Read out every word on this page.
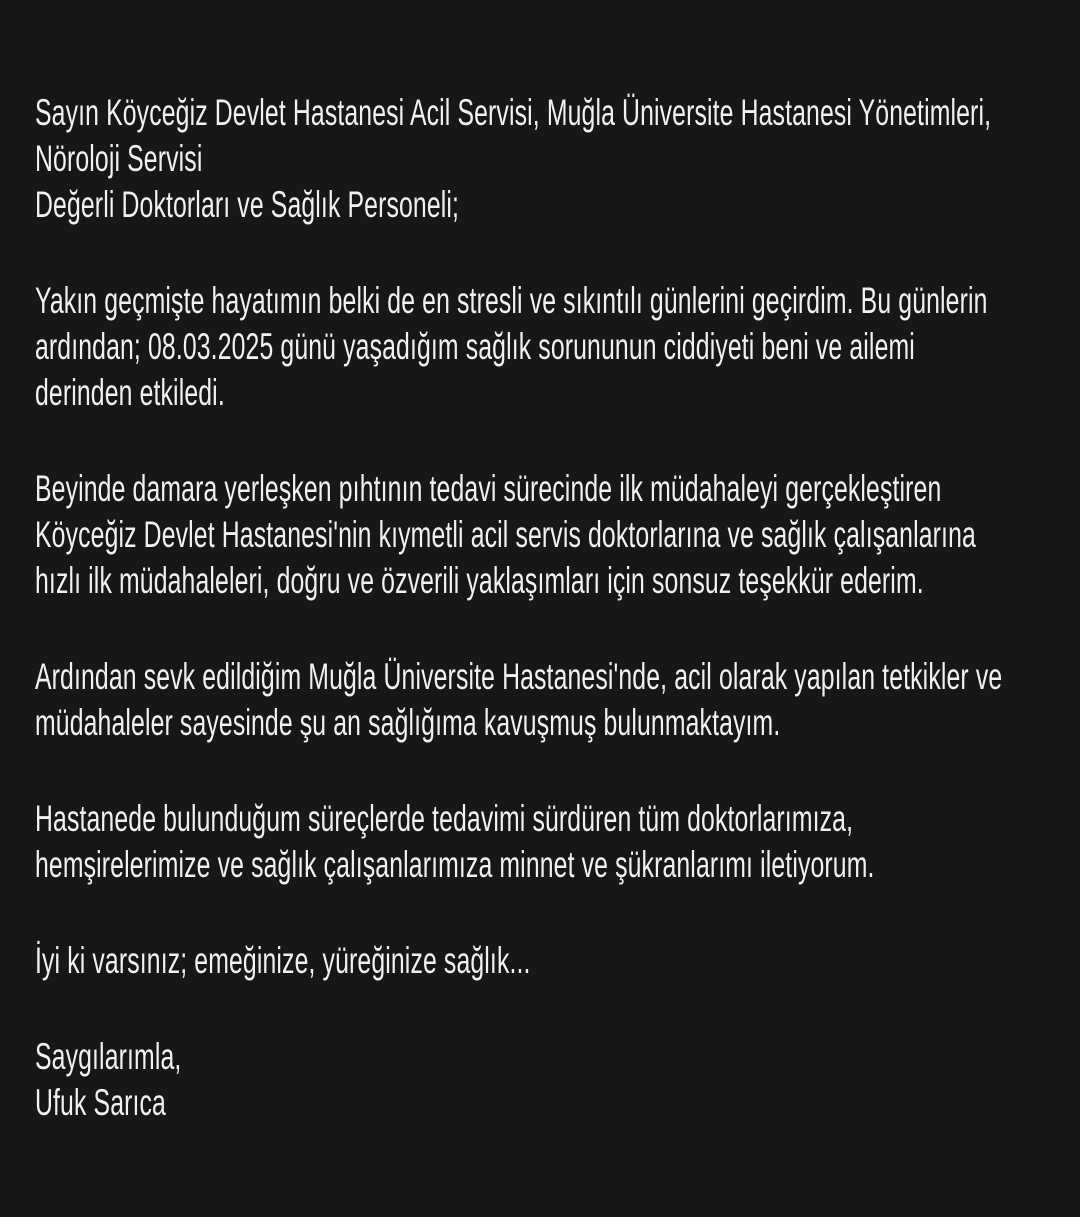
Sayın Köyceğiz Devlet Hastanesi Acil Servisi, Muğla Üniversite Hastanesi Yönetimleri,
Nöroloji Servisi
Değerli Doktorları ve Sağlık Personeli;
Yakın geçmişte hayatımın belki de en stresli ve sıkıntılı günlerini geçirdim. Bu günlerin
ardından; 08.03.2025 günü yaşadığım sağlık sorununun ciddiyeti beni ve ailemi
derinden etkiledi.
Beyinde damara yerleşken pıhtının tedavi sürecinde ilk müdahaleyi gerçekleştiren
Köyceğiz Devlet Hastanesi'nin kıymetli acil servis doktorlarına ve sağlık çalışanlarına
hızlı ilk müdahaleleri, doğru ve özverili yaklaşımları için sonsuz teşekkür ederim.
Ardından sevk edildiğim Muğla Üniversite Hastanesi'nde, acil olarak yapılan tetkikler ve
müdahaleler sayesinde şu an sağlığıma kavuşmuş bulunmaktayım.
Hastanede bulunduğum süreçlerde tedavimi sürdüren tüm doktorlarımıza,
hemşirelerimize ve sağlık çalışanlarımıza minnet ve şükranlarımı iletiyorum.
İyi ki varsınız; emeğinize, yüreğinize sağlık...
Saygılarımla,
Ufuk Sarıca
